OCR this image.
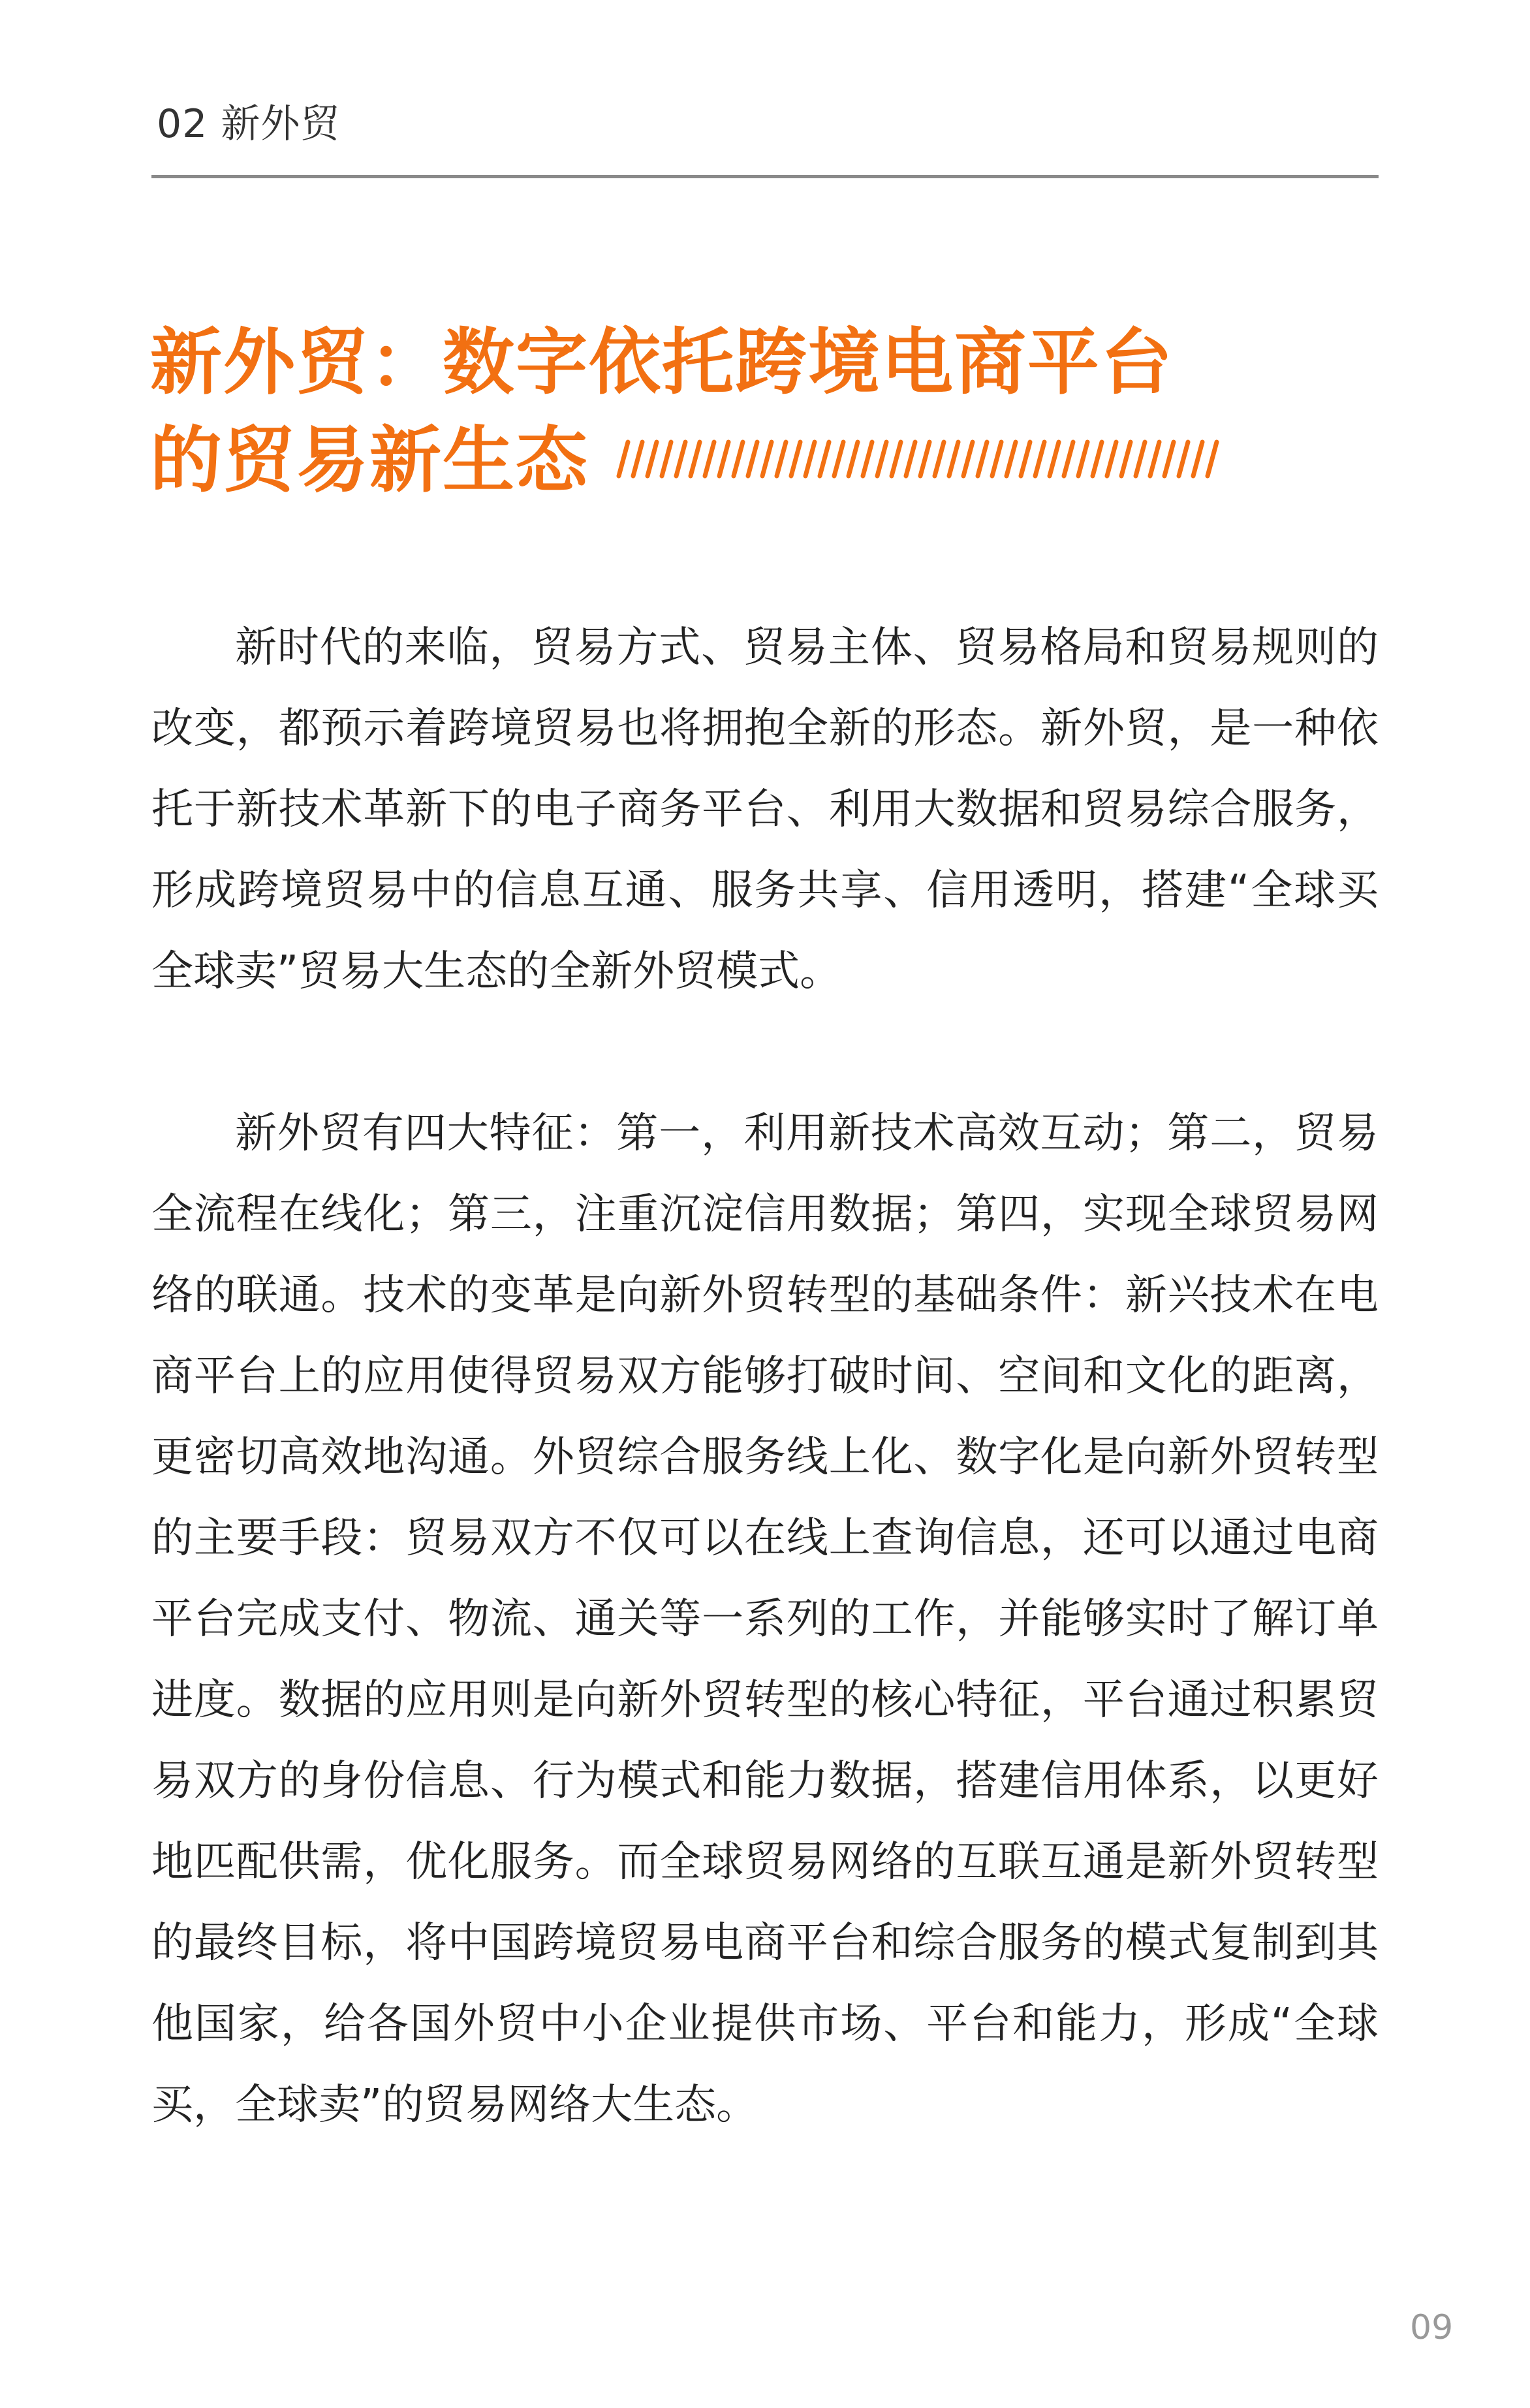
02 新外贸
新外贸：数字依托跨境电商平台
的贸易新生态

新时代的来临，贸易方式、贸易主体、贸易格局和贸易规则的改变，都预示着跨境贸易也将拥抱全新的形态。新外贸，是一种依托于新技术革新下的电子商务平台、利用大数据和贸易综合服务，形成跨境贸易中的信息互通、服务共享、信用透明，搭建“全球买全球卖”贸易大生态的全新外贸模式。

新外贸有四大特征：第一，利用新技术高效互动；第二，贸易全流程在线化；第三，注重沉淀信用数据；第四，实现全球贸易网络的联通。技术的变革是向新外贸转型的基础条件：新兴技术在电商平台上的应用使得贸易双方能够打破时间、空间和文化的距离，更密切高效地沟通。外贸综合服务线上化、数字化是向新外贸转型的主要手段：贸易双方不仅可以在线上查询信息，还可以通过电商平台完成支付、物流、通关等一系列的工作，并能够实时了解订单进度。数据的应用则是向新外贸转型的核心特征，平台通过积累贸易双方的身份信息、行为模式和能力数据，搭建信用体系，以更好地匹配供需，优化服务。而全球贸易网络的互联互通是新外贸转型的最终目标，将中国跨境贸易电商平台和综合服务的模式复制到其他国家，给各国外贸中小企业提供市场、平台和能力，形成“全球买，全球卖”的贸易网络大生态。

09
